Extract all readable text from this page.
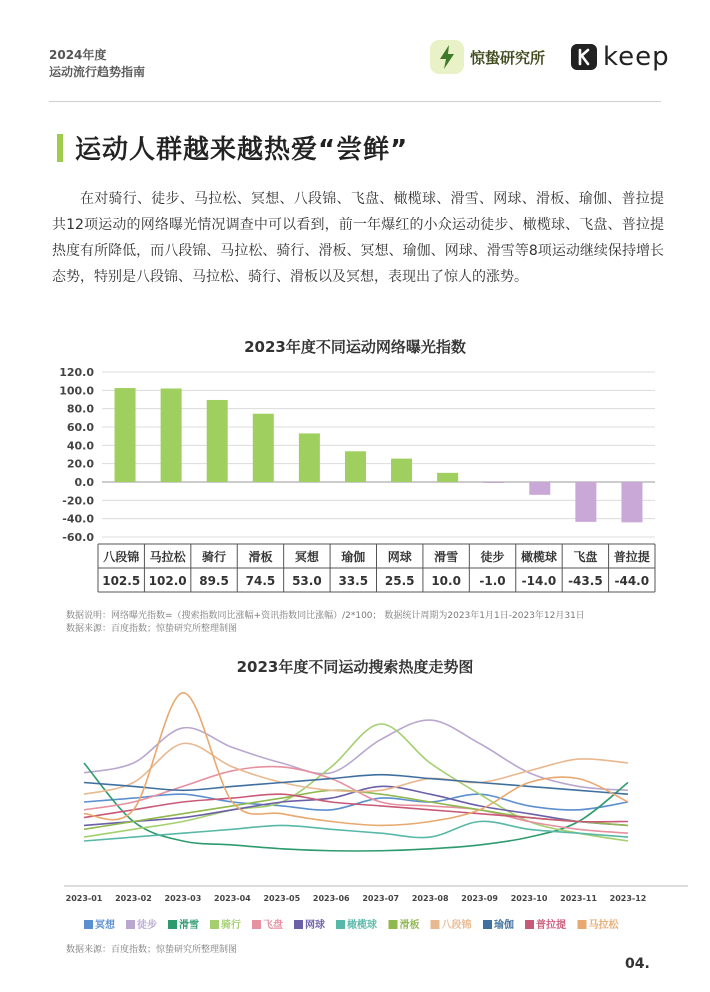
2024年度
运动流行趋势指南
惊蛰研究所 keep
运动人群越来越热爱“尝鲜”
在对骑行、徒步、马拉松、冥想、八段锦、飞盘、橄榄球、滑雪、网球、滑板、瑜伽、普拉提共12项运动的网络曝光情况调查中可以看到，前一年爆红的小众运动徒步、橄榄球、飞盘、普拉提热度有所降低，而八段锦、马拉松、骑行、滑板、冥想、瑜伽、网球、滑雪等8项运动继续保持增长态势，特别是八段锦、马拉松、骑行、滑板以及冥想，表现出了惊人的涨势。
2023年度不同运动网络曝光指数
120.0
100.0
80.0
60.0
40.0
20.0
0.0
-20.0
-40.0
-60.0
八段锦
102.5
马拉松
102.0
骑行
89.5
滑板
74.5
冥想
53.0
瑜伽
33.5
网球
25.5
滑雪
10.0
徒步
-1.0
橄榄球
-14.0
飞盘
-43.5
普拉提
-44.0
数据说明：网络曝光指数=（搜索指数同比涨幅+资讯指数同比涨幅）/2*100； 数据统计周期为2023年1月1日-2023年12月31日
数据来源：百度指数；惊蛰研究所整理制图
2023年度不同运动搜索热度走势图
2023-01 2023-02 2023-03 2023-04 2023-05 2023-06 2023-07 2023-08 2023-09 2023-10 2023-11 2023-12
冥想 徒步 滑雪 骑行 飞盘 网球 橄榄球 滑板 八段锦 瑜伽 普拉提 马拉松
数据来源：百度指数；惊蛰研究所整理制图
04.
